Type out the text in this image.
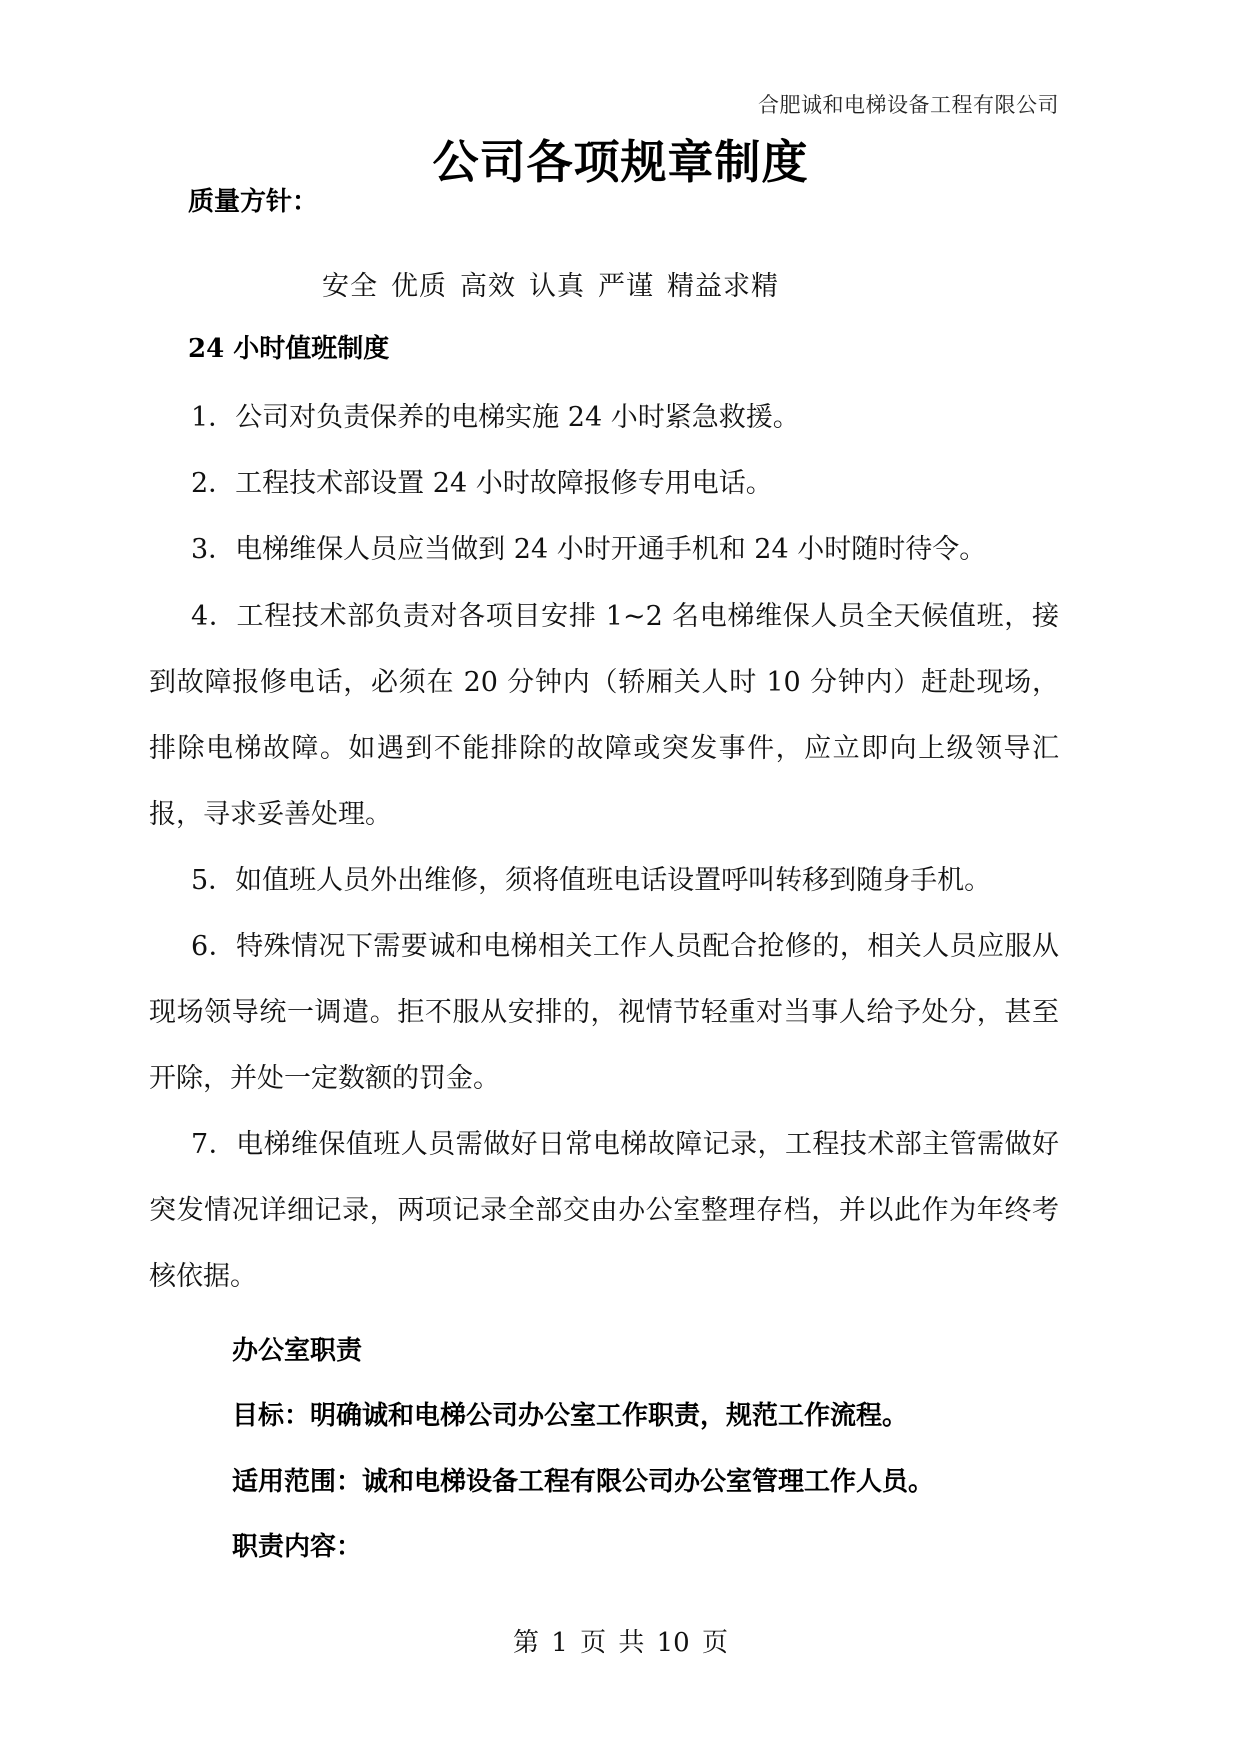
合肥诚和电梯设备工程有限公司
公司各项规章制度
质量方针：
安全 优质 高效 认真 严谨 精益求精
24 小时值班制度
1．公司对负责保养的电梯实施 24 小时紧急救援。
2．工程技术部设置 24 小时故障报修专用电话。
3．电梯维保人员应当做到 24 小时开通手机和 24 小时随时待令。
4．工程技术部负责对各项目安排 1~2 名电梯维保人员全天候值班，接到故障报修电话，必须在 20 分钟内（轿厢关人时 10 分钟内）赶赴现场，排除电梯故障。如遇到不能排除的故障或突发事件，应立即向上级领导汇报，寻求妥善处理。
5．如值班人员外出维修，须将值班电话设置呼叫转移到随身手机。
6．特殊情况下需要诚和电梯相关工作人员配合抢修的，相关人员应服从现场领导统一调遣。拒不服从安排的，视情节轻重对当事人给予处分，甚至开除，并处一定数额的罚金。
7．电梯维保值班人员需做好日常电梯故障记录，工程技术部主管需做好突发情况详细记录，两项记录全部交由办公室整理存档，并以此作为年终考核依据。
办公室职责
目标：明确诚和电梯公司办公室工作职责，规范工作流程。
适用范围：诚和电梯设备工程有限公司办公室管理工作人员。
职责内容：
第 1 页 共 10 页
